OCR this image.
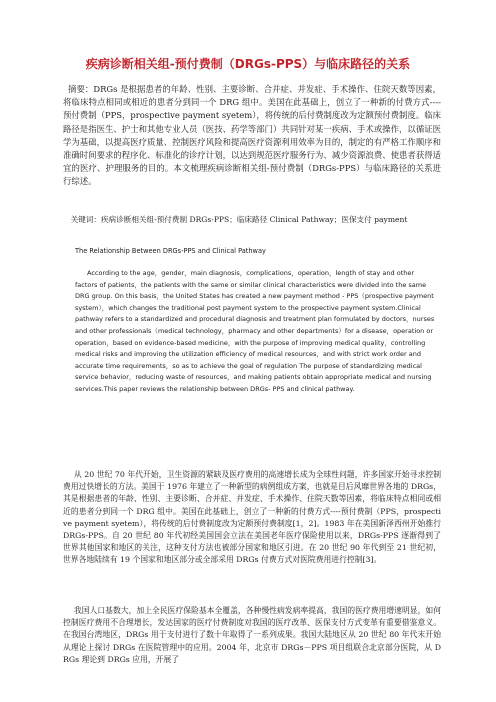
疾病诊断相关组-预付费制（DRGs-PPS）与临床路径的关系
摘要：DRGs 是根据患者的年龄、性别、主要诊断、合并症、并发症、手术操作、住院天数等因素，将临床特点相同或相近的患者分到同一个 DRG 组中。美国在此基础上，创立了一种新的付费方式----预付费制（PPS，prospective payment syetem），将传统的后付费制度改为定额预付费制度。临床路径是指医生、护士和其他专业人员（医技、药学等部门）共同针对某一疾病、手术或操作，以循证医学为基础，以提高医疗质量、控制医疗风险和提高医疗资源利用效率为目的，制定的有严格工作顺序和准确时间要求的程序化、标准化的诊疗计划，以达到规范医疗服务行为、减少资源浪费、使患者获得适宜的医疗、护理服务的目的。本文梳理疾病诊断相关组-预付费制（DRGs-PPS）与临床路径的关系进行综述。
关键词：疾病诊断相关组-预付费制 DRGs-PPS；临床路径 Clinical Pathway；医保支付 payment
The Relationship Between DRGs-PPS and Clinical Pathway
According to the age，gender，main diagnosis，complications，operation，length of stay and other factors of patients，the patients with the same or similar clinical characteristics were divided into the same DRG group. On this basis，the United States has created a new payment method - PPS（prospective payment system），which changes the traditional post payment system to the prospective payment system.Clinical pathway refers to a standardized and procedural diagnosis and treatment plan formulated by doctors，nurses and other professionals（medical technology，pharmacy and other departments）for a disease，operation or operation，based on evidence-based medicine，with the purpose of improving medical quality，controlling medical risks and improving the utilization efficiency of medical resources，and with strict work order and accurate time requirements，so as to achieve the goal of regulation The purpose of standardizing medical service behavior，reducing waste of resources，and making patients obtain appropriate medical and nursing services.This paper reviews the relationship between DRGs- PPS and clinical pathway.
从 20 世纪 70 年代开始，卫生资源的紧缺及医疗费用的高速增长成为全球性问题，许多国家开始寻求控制费用过快增长的方法。美国于 1976 年建立了一种新型的病例组成方案，也就是目后风靡世界各地的 DRGs，其是根据患者的年龄、性别、主要诊断、合并症、并发症、手术操作、住院天数等因素，将临床特点相同或相近的患者分到同一个 DRG 组中。美国在此基础上，创立了一种新的付费方式----预付费制（PPS，prospective payment syetem），将传统的后付费制度改为定额预付费制度[1，2]。1983 年在美国新泽西州开始推行 DRGs-PPS。自 20 世纪 80 年代初经美国国会立法在美国老年医疗保险使用以来，DRGs-PPS 逐渐得到了世界其他国家和地区的关注，这种支付方法也被部分国家和地区引进。在 20 世纪 90 年代到至 21 世纪初，世界各地陆续有 19 个国家和地区部分或全部采用 DRGs 付费方式对医院费用进行控制[3]。
我国人口基数大，加上全民医疗保险基本全覆盖，各种慢性病发病率提高，我国的医疗费用增速明显，如何控制医疗费用不合理增长，发达国家的医疗付费制度对我国的医疗改革、医保支付方式变革有重要借鉴意义。在我国台湾地区，DRGs 用于支付进行了数十年取得了一系列成果。我国大陆地区从 20 世纪 80 年代末开始从理论上探讨 DRGs 在医院管理中的应用。2004 年，北京市 DRGs－PPS 项目组联合北京部分医院，从 DRGs 理论到 DRGs 应用，开展了
